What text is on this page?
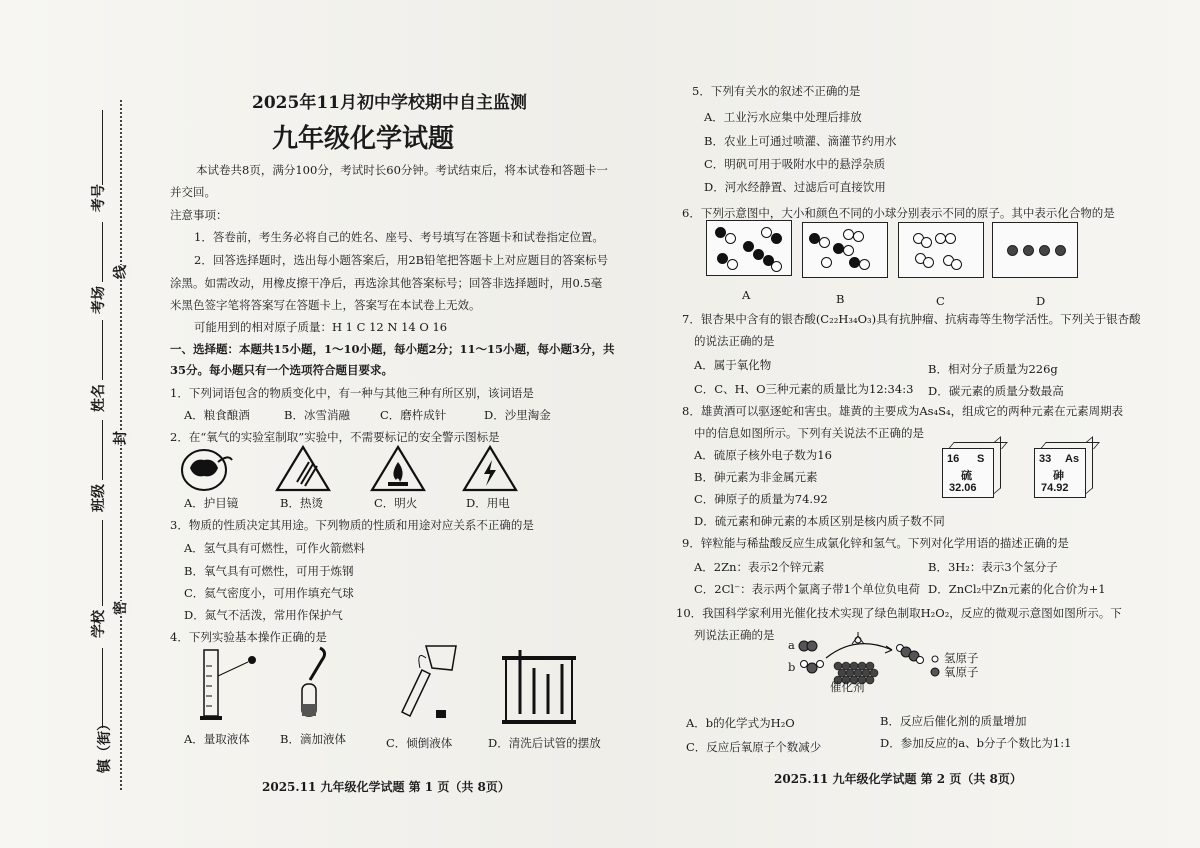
考号
考场
姓名
班级
学校
镇（街）
线
封
密
2025年11月初中学校期中自主监测
九年级化学试题
本试卷共8页，满分100分，考试时长60分钟。考试结束后，将本试卷和答题卡一
并交回。
注意事项：
1．答卷前，考生务必将自己的姓名、座号、考号填写在答题卡和试卷指定位置。
2．回答选择题时，选出每小题答案后，用2B铅笔把答题卡上对应题目的答案标号
涂黑。如需改动，用橡皮擦干净后，再选涂其他答案标号；回答非选择题时，用0.5毫
米黑色签字笔将答案写在答题卡上，答案写在本试卷上无效。
可能用到的相对原子质量：H 1 C 12 N 14 O 16
一、选择题：本题共15小题，1～10小题，每小题2分；11～15小题，每小题3分，共
35分。每小题只有一个选项符合题目要求。
1．下列词语包含的物质变化中，有一种与其他三种有所区别，该词语是
A．粮食酿酒	B．冰雪消融	C．磨杵成针	D．沙里淘金
2．在“氧气的实验室制取”实验中，不需要标记的安全警示图标是
A．护目镜	B．热烫	C．明火	D．用电
3．物质的性质决定其用途。下列物质的性质和用途对应关系不正确的是
A．氢气具有可燃性，可作火箭燃料
B．氧气具有可燃性，可用于炼钢
C．氦气密度小，可用作填充气球
D．氮气不活泼，常用作保护气
4．下列实验基本操作正确的是
A．量取液体	B．滴加液体	C．倾倒液体	D．清洗后试管的摆放
2025.11 九年级化学试题 第 1 页（共 8页）
5．下列有关水的叙述不正确的是
A．工业污水应集中处理后排放
B．农业上可通过喷灌、滴灌节约用水
C．明矾可用于吸附水中的悬浮杂质
D．河水经静置、过滤后可直接饮用
6．下列示意图中，大小和颜色不同的小球分别表示不同的原子。其中表示化合物的是
A	B	C	D
7．银杏果中含有的银杏酸(C₂₂H₃₄O₃)具有抗肿瘤、抗病毒等生物学活性。下列关于银杏酸
的说法正确的是
A．属于氧化物	B．相对分子质量为226g
C．C、H、O三种元素的质量比为12:34:3 D．碳元素的质量分数最高
8．雄黄酒可以驱逐蛇和害虫。雄黄的主要成为As₄S₄，组成它的两种元素在元素周期表
中的信息如图所示。下列有关说法不正确的是
A．硫原子核外电子数为16
B．砷元素为非金属元素
C．砷原子的质量为74.92
D．硫元素和砷元素的本质区别是核内质子数不同
16 S
硫
32.06
33 As
砷
74.92
9．锌粒能与稀盐酸反应生成氯化锌和氢气。下列对化学用语的描述正确的是
A．2Zn：表示2个锌元素	B．3H₂：表示3个氢分子
C．2Cl⁻：表示两个氯离子带1个单位负电荷 D．ZnCl₂中Zn元素的化合价为+1
10．我国科学家利用光催化技术实现了绿色制取H₂O₂，反应的微观示意图如图所示。下
列说法正确的是
a
b
催化剂
氢原子
氧原子
A．b的化学式为H₂O	B．反应后催化剂的质量增加
C．反应后氧原子个数减少	D．参加反应的a、b分子个数比为1:1
2025.11 九年级化学试题 第 2 页（共 8页）
